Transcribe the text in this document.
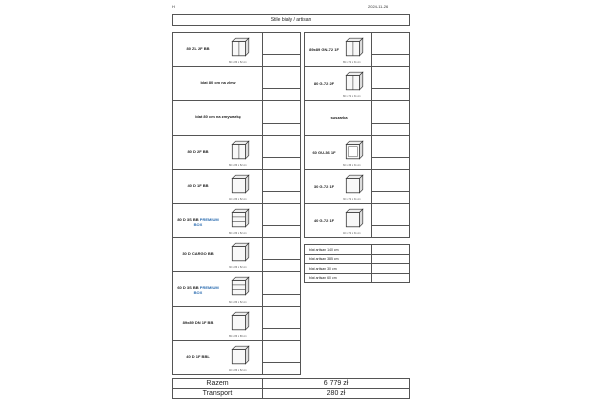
H	2024-11-26
Stile biały / artisan
Razem	6 779 zł
Transport	280 zł
80 ZL 2F BB
80 x 86 x 52 cm
blat 80 cm na zlew
blat 80 cm na zmywarkę
80 D 2F BB
80 x 86 x 52 cm
40 D 1F BB
40 x 86 x 52 cm
80 D 3S BB PREMIUM BOX
80 x 86 x 52 cm
30 D CARGO BB
30 x 86 x 52 cm
60 D 3S BB PREMIUM BOX
60 x 86 x 52 cm
89x89 DN 1F BB
89 x 86 x 89 cm
40 D 1F BBL
40 x 86 x 52 cm
89x89 GN-72 1F
89 x 72 x 31 cm
80 G-72 2F
80 x 72 x 31 cm
suszarka
60 GU-36 1F
60 x 36 x 31 cm
30 G-72 1F
30 x 72 x 31 cm
40 G-72 1F
40 x 72 x 31 cm
blat artisan 140 cm
blat artisan 385 cm
blat artisan 30 cm
blat artisan 60 cm
